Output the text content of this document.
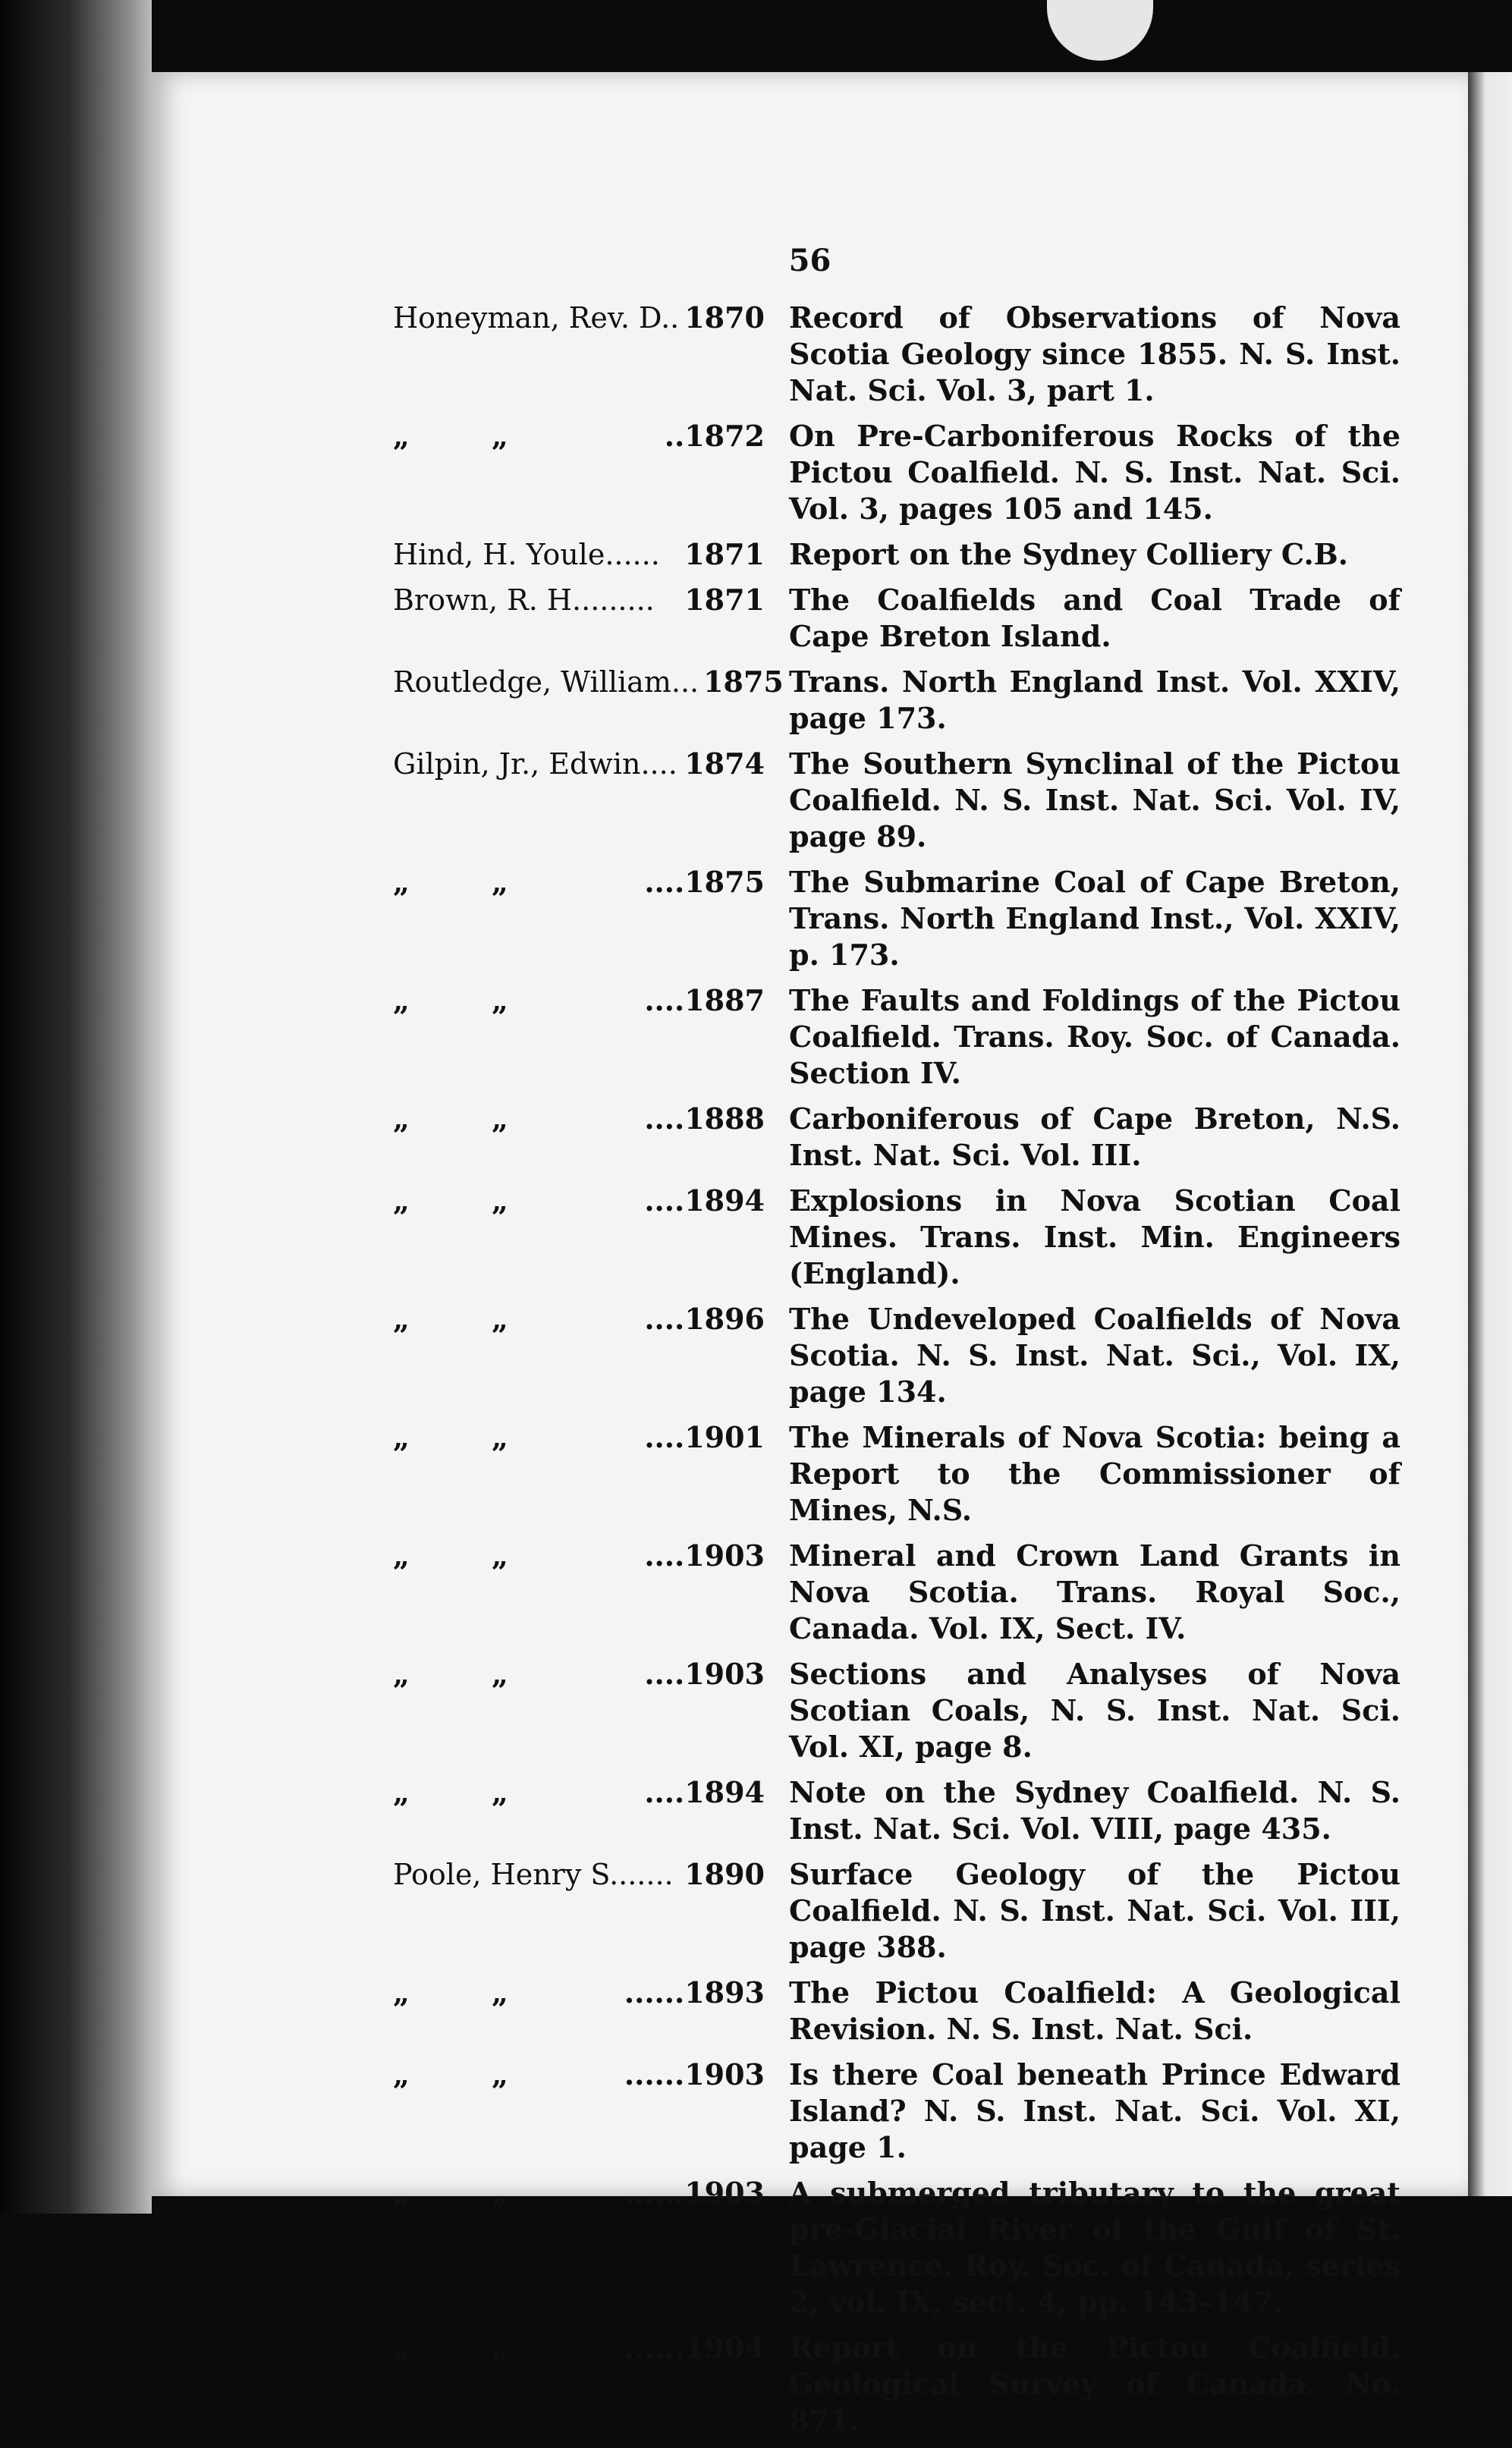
56
Honeyman, Rev. D.. 1870 Record of Observations of Nova Scotia Geology since 1855. N. S. Inst. Nat. Sci. Vol. 3, part 1.
„	„	..1872 On Pre-Carboniferous Rocks of the Pictou Coalfield. N. S. Inst. Nat. Sci. Vol. 3, pages 105 and 145.
Hind, H. Youle...... 1871 Report on the Sydney Colliery C.B.
Brown, R. H......... 1871 The Coalfields and Coal Trade of Cape Breton Island.
Routledge, William... 1875 Trans. North England Inst. Vol. XXIV, page 173.
Gilpin, Jr., Edwin.... 1874 The Southern Synclinal of the Pictou Coalfield. N. S. Inst. Nat. Sci. Vol. IV, page 89.
„	„	....1875 The Submarine Coal of Cape Breton, Trans. North England Inst., Vol. XXIV, p. 173.
„	„	....1887 The Faults and Foldings of the Pictou Coalfield. Trans. Roy. Soc. of Canada. Section IV.
„	„	....1888 Carboniferous of Cape Breton, N.S. Inst. Nat. Sci. Vol. III.
„	„	....1894 Explosions in Nova Scotian Coal Mines. Trans. Inst. Min. Engineers (England).
„	„	....1896 The Undeveloped Coalfields of Nova Scotia. N. S. Inst. Nat. Sci., Vol. IX, page 134.
„	„	....1901 The Minerals of Nova Scotia: being a Report to the Commissioner of Mines, N.S.
„	„	....1903 Mineral and Crown Land Grants in Nova Scotia. Trans. Royal Soc., Canada. Vol. IX, Sect. IV.
„	„	....1903 Sections and Analyses of Nova Scotian Coals, N. S. Inst. Nat. Sci. Vol. XI, page 8.
„	„	....1894 Note on the Sydney Coalfield. N. S. Inst. Nat. Sci. Vol. VIII, page 435.
Poole, Henry S....... 1890 Surface Geology of the Pictou Coalfield. N. S. Inst. Nat. Sci. Vol. III, page 388.
„	„	......1893 The Pictou Coalfield: A Geological Revision. N. S. Inst. Nat. Sci.
„	„	......1903 Is there Coal beneath Prince Edward Island? N. S. Inst. Nat. Sci. Vol. XI, page 1.
„	„	......1903 A submerged tributary to the great pre-Glacial River of the Gulf of St. Lawrence. Roy. Soc. of Canada, series 2, vol. IX, sect. 4, pp. 143–147.
„	„	......1904 Report on the Pictou Coalfield. Geological Survey of Canada. No. 871.
